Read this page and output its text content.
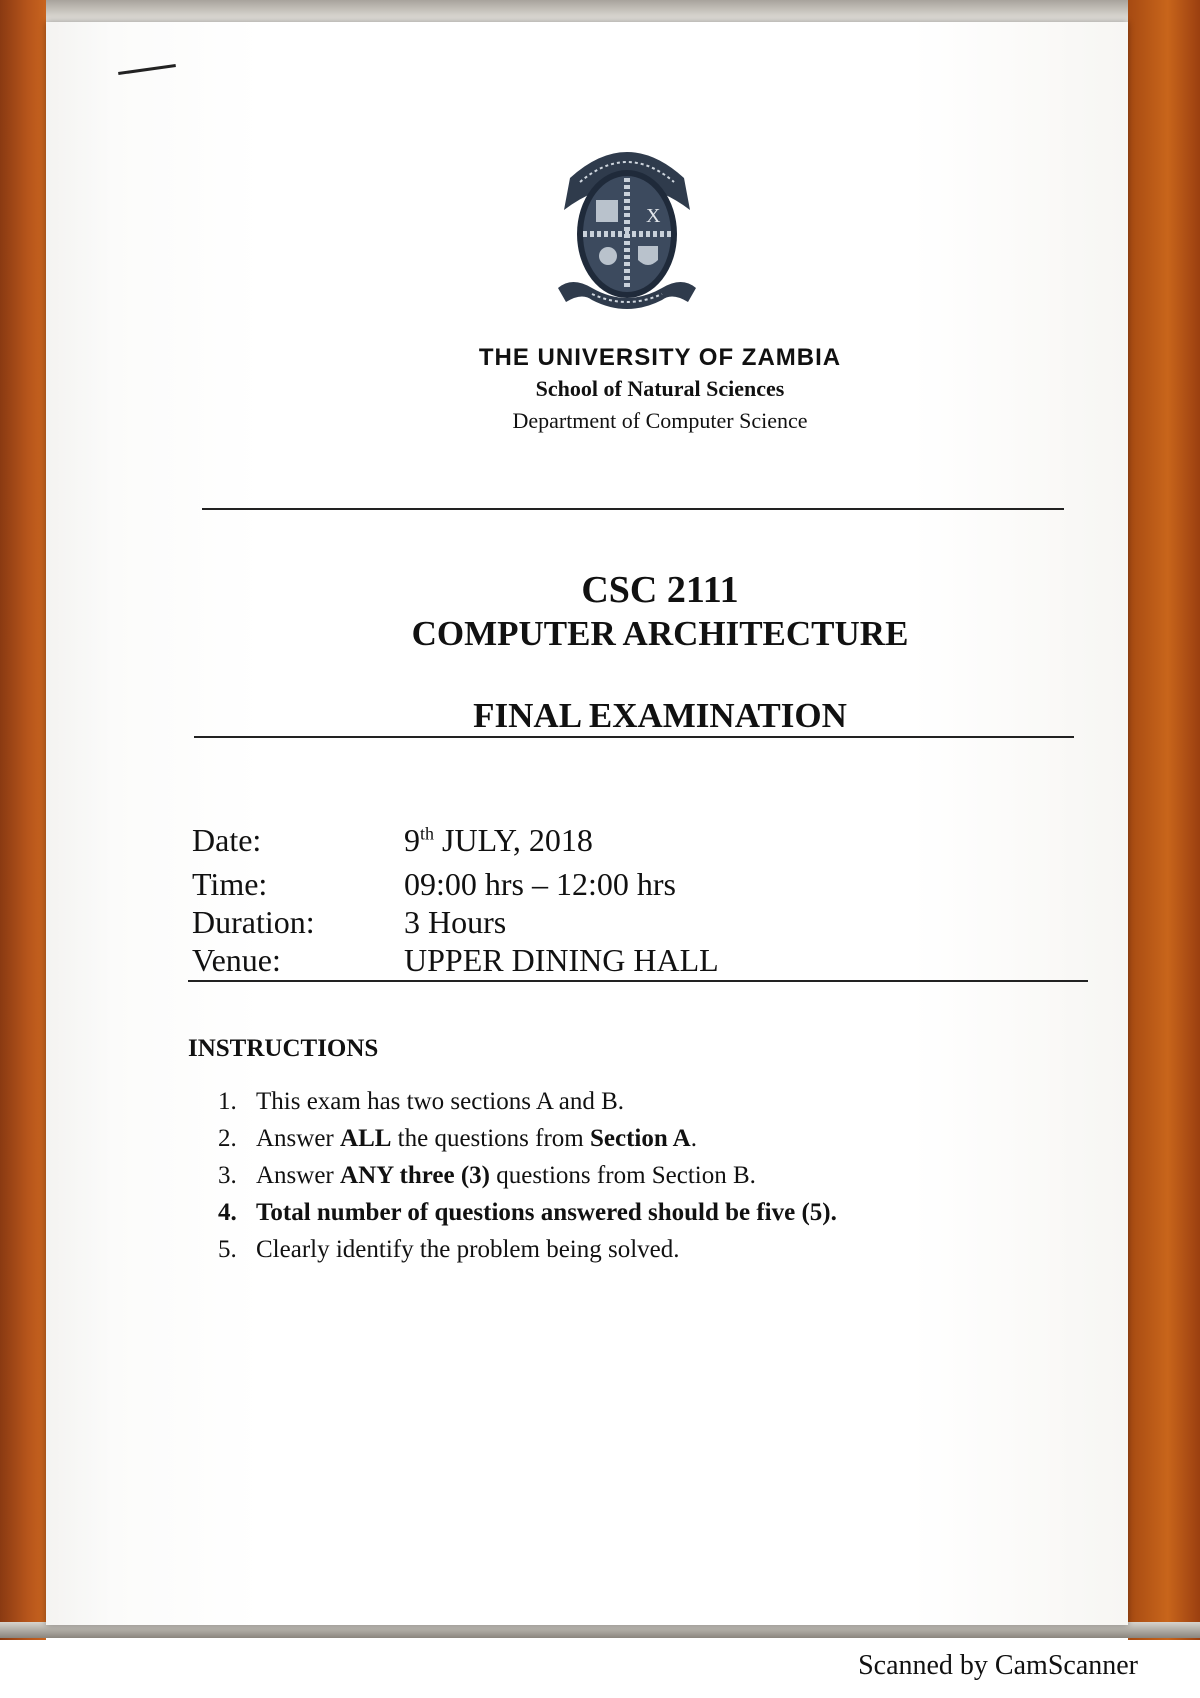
X
THE UNIVERSITY OF ZAMBIA
School of Natural Sciences
Department of Computer Science
CSC 2111
COMPUTER ARCHITECTURE
FINAL EXAMINATION
Date:	9th JULY, 2018
Time:	09:00 hrs – 12:00 hrs
Duration:	3 Hours
Venue:	UPPER DINING HALL
INSTRUCTIONS
1. This exam has two sections A and B.
2. Answer ALL the questions from Section A.
3. Answer ANY three (3) questions from Section B.
4. Total number of questions answered should be five (5).
5. Clearly identify the problem being solved.
Scanned by CamScanner
